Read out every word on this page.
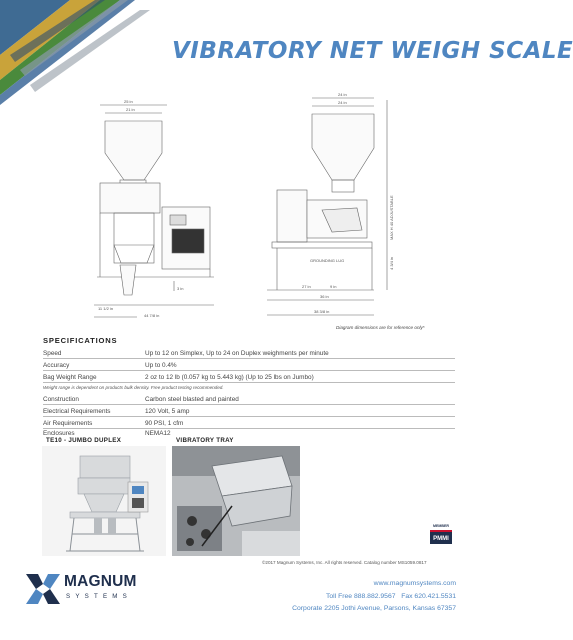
VIBRATORY NET WEIGH SCALE
25 in
21 in
3 in
11 1/2 in
44 7/8 in
24 in
24 in
MAX H 40 ADJUSTABLE
27 in	9 in
4 3/4 in
36 in
38 3/8 in
GROUNDING LUG
Diagram dimensions are for reference only*
SPECIFICATIONS
Speed	Up to 12 on Simplex, Up to 24 on Duplex weighments per minute
Accuracy	Up to 0.4%
Bag Weight Range	2 oz to 12 lb (0.057 kg to 5.443 kg) (Up to 25 lbs on Jumbo)
Weight range is dependent on products bulk density. Free product testing recommended.
Construction	Carbon steel blasted and painted
Electrical Requirements	120 Volt, 5 amp
Air Requirements	90 PSI, 1 cfm
Enclosures	NEMA12
TE10 - JUMBO DUPLEX	VIBRATORY TRAY
MEMBER
PMMI
©2017 Magnum Systems, Inc. All rights reserved. Catalog number MS1059.0817
MAGNUM
SYSTEMS
www.magnumsystems.com
Toll Free 888.882.9567 Fax 620.421.5531
Corporate 2205 Jothi Avenue, Parsons, Kansas 67357
